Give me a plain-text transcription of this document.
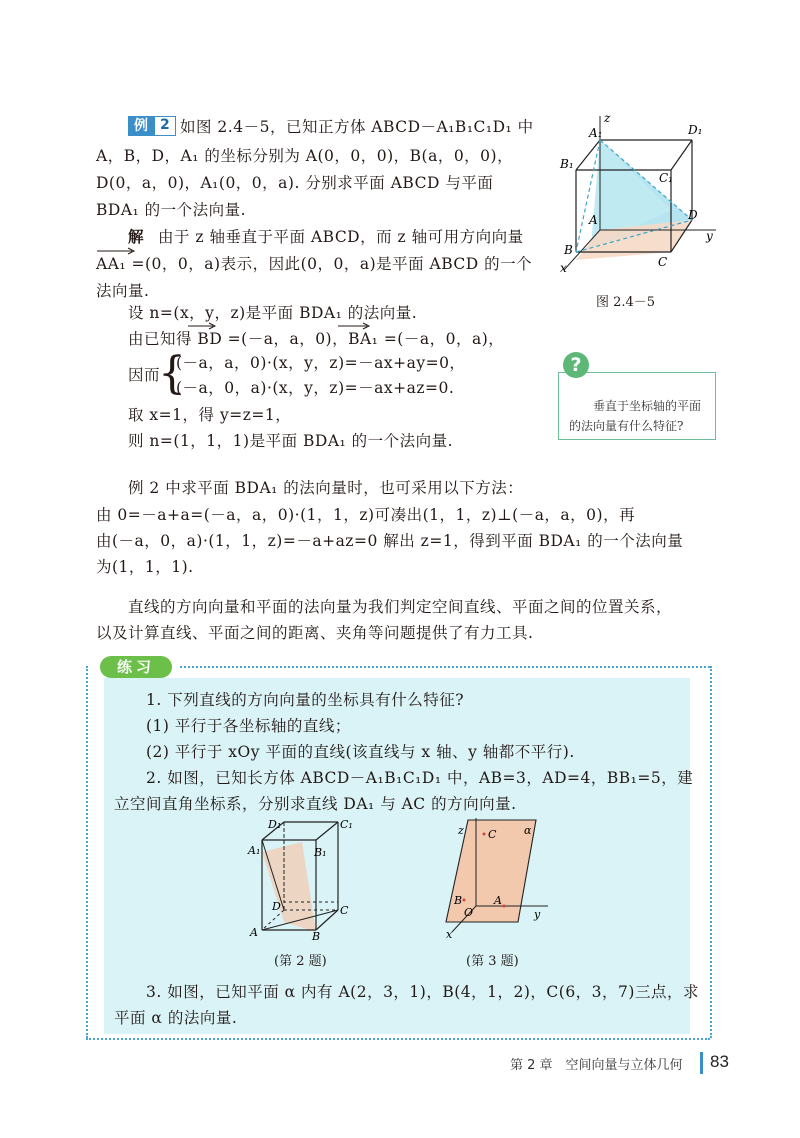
例 2 如图 2.4－5，已知正方体 ABCD－A₁B₁C₁D₁ 中
A，B，D，A₁ 的坐标分别为 A(0，0，0)，B(a，0，0)，
D(0，a，0)，A₁(0，0，a). 分别求平面 ABCD 与平面
BDA₁ 的一个法向量.
解 由于 z 轴垂直于平面 ABCD，而 z 轴可用方向向量
AA₁ =(0，0，a)表示，因此(0，0，a)是平面 ABCD 的一个
法向量.
设 n=(x，y，z)是平面 BDA₁ 的法向量.
由已知得 BD =(－a，a，0)，BA₁ =(－a，0，a)，
因而
{
(－a，a，0)·(x，y，z)=－ax+ay=0，
(－a，0，a)·(x，y，z)=－ax+az=0.
取 x=1，得 y=z=1，
则 n=(1，1，1)是平面 BDA₁ 的一个法向量.
A₁
z
D₁
B₁
C₁
A	D
y
B
C
x
图 2.4－5
垂直于坐标轴的平面
的法向量有什么特征?
?
例 2 中求平面 BDA₁ 的法向量时，也可采用以下方法：
由 0=－a+a=(－a，a，0)·(1，1，z)可凑出(1，1，z)⊥(－a，a，0)，再
由(－a，0，a)·(1，1，z)=－a+az=0 解出 z=1，得到平面 BDA₁ 的一个法向量
为(1，1，1).
直线的方向向量和平面的法向量为我们判定空间直线、平面之间的位置关系，
以及计算直线、平面之间的距离、夹角等问题提供了有力工具.
练习
1. 下列直线的方向向量的坐标具有什么特征?
(1) 平行于各坐标轴的直线；
(2) 平行于 xOy 平面的直线(该直线与 x 轴、y 轴都不平行).
2. 如图，已知长方体 ABCD－A₁B₁C₁D₁ 中，AB=3，AD=4，BB₁=5，建
立空间直角坐标系，分别求直线 DA₁ 与 AC 的方向向量.
D₁	C₁
A₁	B₁
D	C
A	B
(第 2 题)
z C	α
B
O
A
y
x
(第 3 题)
3. 如图，已知平面 α 内有 A(2，3，1)，B(4，1，2)，C(6，3，7)三点，求
平面 α 的法向量.
第 2 章　空间向量与立体几何 83
